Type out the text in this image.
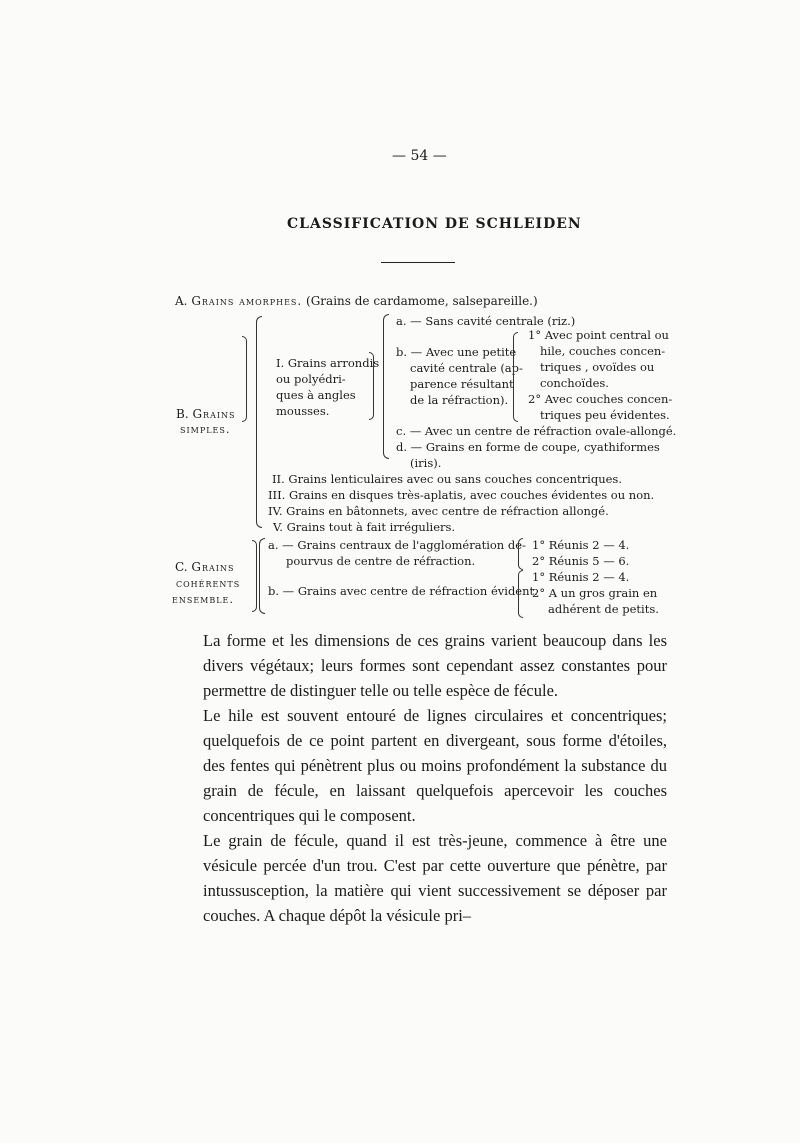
— 54 —
CLASSIFICATION DE SCHLEIDEN
A. Grains amorphes. (Grains de cardamome, salsepareille.)
B. Grains
simples.
I. Grains arrondis
ou polyédri-
ques à angles
mousses.
a. — Sans cavité centrale (riz.)
b. — Avec une petite
cavité centrale (ap-
parence résultant
de la réfraction).
1° Avec point central ou
hile, couches concen-
triques , ovoïdes ou
conchoïdes.
2° Avec couches concen-
triques peu évidentes.
c. — Avec un centre de réfraction ovale-allongé.
d. — Grains en forme de coupe, cyathiformes
(iris).
II. Grains lenticulaires avec ou sans couches concentriques.
III. Grains en disques très-aplatis, avec couches évidentes ou non.
IV. Grains en bâtonnets, avec centre de réfraction allongé.
V. Grains tout à fait irréguliers.
C. Grains
cohérents
ensemble.
a. — Grains centraux de l'agglomération dé-
pourvus de centre de réfraction.
1° Réunis 2 — 4.
2° Réunis 5 — 6.
b. — Grains avec centre de réfraction évident.
1° Réunis 2 — 4.
2° A un gros grain en
adhérent de petits.

La forme et les dimensions de ces grains varient beaucoup dans les divers végétaux; leurs formes sont cependant assez constantes pour permettre de distinguer telle ou telle espèce de fécule.

Le hile est souvent entouré de lignes circulaires et concentriques; quelquefois de ce point partent en divergeant, sous forme d'étoiles, des fentes qui pénètrent plus ou moins profondément la substance du grain de fécule, en laissant quelquefois apercevoir les couches concentriques qui le composent.

Le grain de fécule, quand il est très-jeune, commence à être une vésicule percée d'un trou. C'est par cette ouverture que pénètre, par intussusception, la matière qui vient successivement se déposer par couches. A chaque dépôt la vésicule pri–
